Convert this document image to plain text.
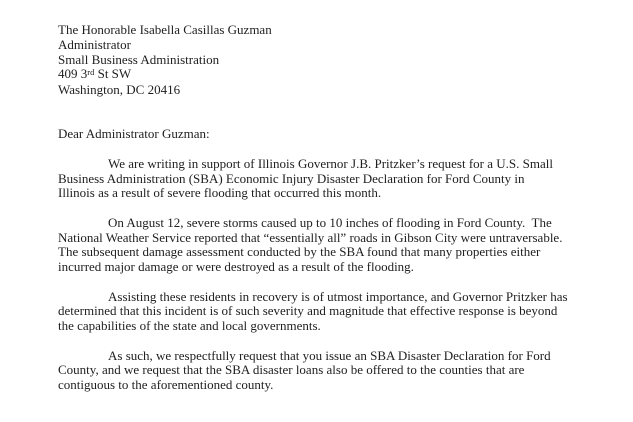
The Honorable Isabella Casillas Guzman
Administrator
Small Business Administration
409 3rd St SW
Washington, DC 20416
Dear Administrator Guzman:
We are writing in support of Illinois Governor J.B. Pritzker’s request for a U.S. Small
Business Administration (SBA) Economic Injury Disaster Declaration for Ford County in
Illinois as a result of severe flooding that occurred this month.
On August 12, severe storms caused up to 10 inches of flooding in Ford County.  The
National Weather Service reported that “essentially all” roads in Gibson City were untraversable.
The subsequent damage assessment conducted by the SBA found that many properties either
incurred major damage or were destroyed as a result of the flooding.
Assisting these residents in recovery is of utmost importance, and Governor Pritzker has
determined that this incident is of such severity and magnitude that effective response is beyond
the capabilities of the state and local governments.
As such, we respectfully request that you issue an SBA Disaster Declaration for Ford
County, and we request that the SBA disaster loans also be offered to the counties that are
contiguous to the aforementioned county.
